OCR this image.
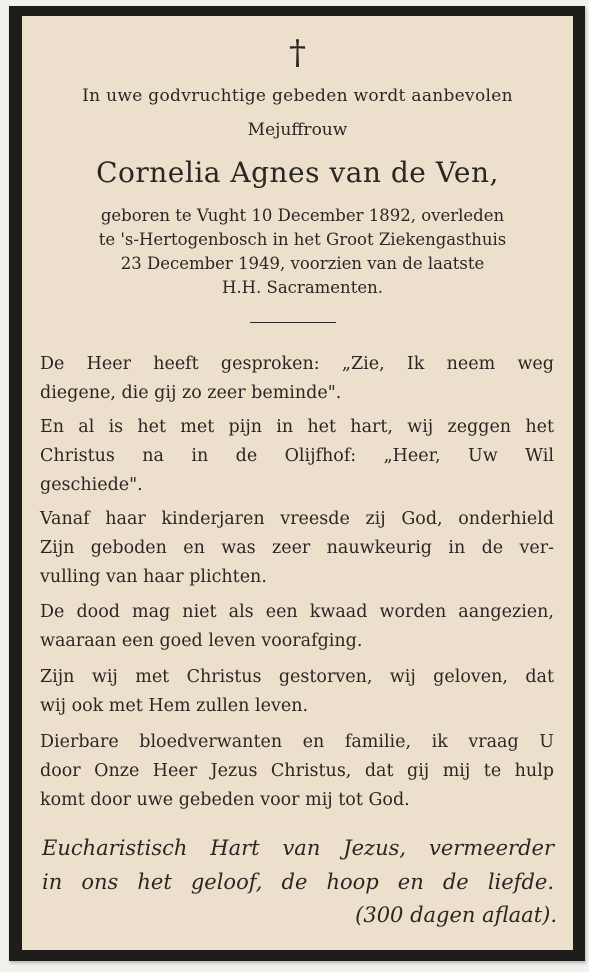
†
In uwe godvruchtige gebeden wordt aanbevolen
Mejuffrouw
Cornelia Agnes van de Ven,
geboren te Vught 10 December 1892, overleden
te 's-Hertogenbosch in het Groot Ziekengasthuis
23 December 1949, voorzien van de laatste
H.H. Sacramenten.
De Heer heeft gesproken: „Zie, Ik neem weg
diegene, die gij zo zeer beminde".
En al is het met pijn in het hart, wij zeggen het
Christus na in de Olijfhof: „Heer, Uw Wil
geschiede".
Vanaf haar kinderjaren vreesde zij God, onderhield
Zijn geboden en was zeer nauwkeurig in de ver-
vulling van haar plichten.
De dood mag niet als een kwaad worden aangezien,
waaraan een goed leven voorafging.
Zijn wij met Christus gestorven, wij geloven, dat
wij ook met Hem zullen leven.
Dierbare bloedverwanten en familie, ik vraag U
door Onze Heer Jezus Christus, dat gij mij te hulp
komt door uwe gebeden voor mij tot God.
Eucharistisch Hart van Jezus, vermeerder
in ons het geloof, de hoop en de liefde.
(300 dagen aflaat).
